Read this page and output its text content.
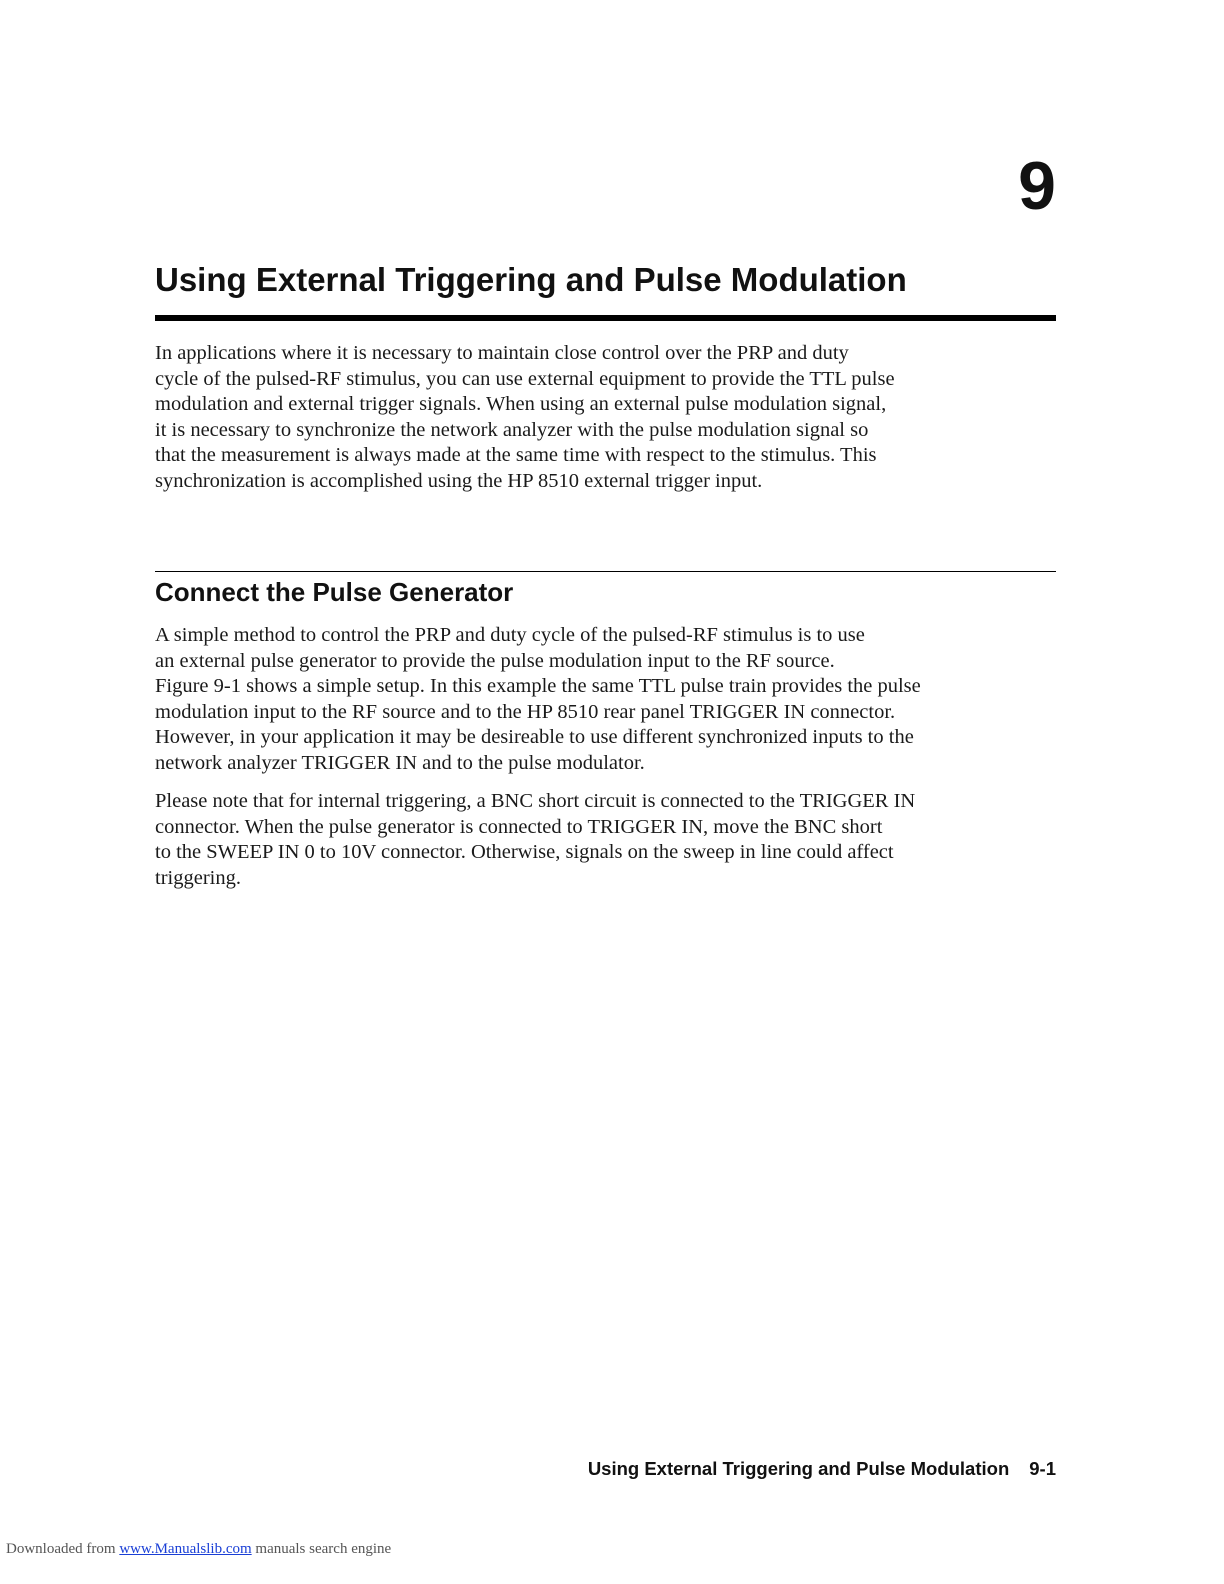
9
Using External Triggering and Pulse Modulation

In applications where it is necessary to maintain close control over the PRP and duty
cycle of the pulsed-RF stimulus, you can use external equipment to provide the TTL pulse
modulation and external trigger signals. When using an external pulse modulation signal,
it is necessary to synchronize the network analyzer with the pulse modulation signal so
that the measurement is always made at the same time with respect to the stimulus. This
synchronization is accomplished using the HP 8510 external trigger input.

Connect the Pulse Generator

A simple method to control the PRP and duty cycle of the pulsed-RF stimulus is to use
an external pulse generator to provide the pulse modulation input to the RF source.
Figure 9-1 shows a simple setup. In this example the same TTL pulse train provides the pulse
modulation input to the RF source and to the HP 8510 rear panel TRIGGER IN connector.
However, in your application it may be desireable to use different synchronized inputs to the
network analyzer TRIGGER IN and to the pulse modulator.

Please note that for internal triggering, a BNC short circuit is connected to the TRIGGER IN
connector. When the pulse generator is connected to TRIGGER IN, move the BNC short
to the SWEEP IN 0 to 10V connector. Otherwise, signals on the sweep in line could affect
triggering.

Using External Triggering and Pulse Modulation 9-1
Downloaded from www.Manualslib.com manuals search engine
